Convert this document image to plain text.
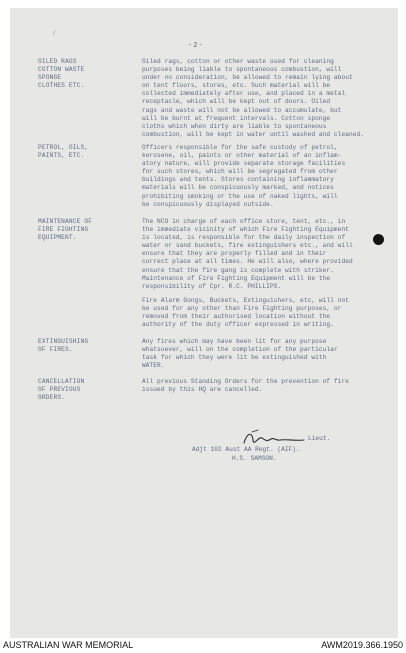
∕
-2-
OILED RAGS
COTTON WASTE
SPONGE
CLOTHES ETC.
Oiled rags, cotton or other waste used for cleaning
purposes being liable to spontaneous combustion, will
under no consideration, be allowed to remain lying about
on tent floors, stores, etc. Such material will be
collected immediately after use, and placed in a metal
receptacle, which will be kept out of doors. Oiled
rags and waste will not be allowed to accumulate, but
will be burnt at frequent intervals. Cotton sponge
cloths which when dirty are liable to spontaneous
combustion, will be kept in water until washed and cleaned.
PETROL, OILS,
PAINTS, ETC.
Officers responsible for the safe custody of petrol,
kerosene, oil, paints or other material of an inflam-
atory nature, will provide separate storage facilities
for such stores, which will be segregated from other
buildings and tents. Stores containing inflammatory
materials will be conspicuously marked, and notices
prohibiting smoking or the use of naked lights, will
be conspicuously displayed outside.
MAINTENANCE OF
FIRE FIGHTING
EQUIPMENT.
The NCO in charge of each office store, tent, etc., in
the immediate vicinity of which Fire Fighting Equipment
is located, is responsible for the daily inspection of
water or sand buckets, fire extinguishers etc., and will
ensure that they are properly filled and in their
correct place at all times. He will also, where provided
ensure that the fire gang is complete with striker.
Maintenance of Fire Fighting Equipment will be the
responsibility of Cpr. R.C. PHILLIPS.
Fire Alarm Gongs, Buckets, Extinguishers, etc, will not
be used for any other than Fire Fighting purposes, or
removed from their authorised location without the
authority of the duty officer expressed in writing.
EXTINGUISHING
OF FIRES.
Any fires which may have been lit for any purpose
whatsoever, will on the completion of the particular
task for which they were lit be extinguished with
WATER.
CANCELLATION
OF PREVIOUS
ORDERS.
All previous Standing Orders for the prevention of fire
issued by this HQ are cancelled.
Lieut.
Adjt 102 Aust AA Regt. (AIF).
H.S. SAMSON.
AUSTRALIAN WAR MEMORIAL	AWM2019.366.1950
